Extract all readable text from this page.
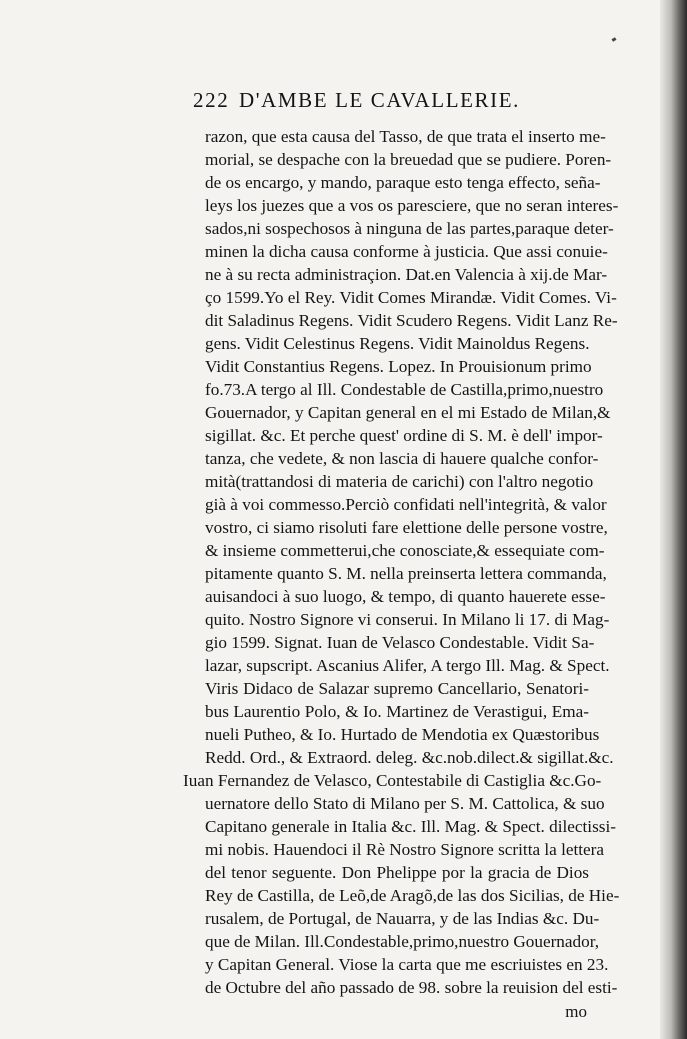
222 D'AMBE LE CAVALLERIE.
razon, que esta causa del Tasso, de que trata el inserto me-
morial, se despache con la breuedad que se pudiere. Poren-
de os encargo, y mando, paraque esto tenga effecto, seña-
leys los juezes que a vos os paresciere, que no seran interes-
sados,ni sospechosos à ninguna de las partes,paraque deter-
minen la dicha causa conforme à justicia. Que assi conuie-
ne à su recta administraçion. Dat.en Valencia à xij.de Mar-
ço 1599.Yo el Rey. Vidit Comes Mirandæ. Vidit Comes. Vi-
dit Saladinus Regens. Vidit Scudero Regens. Vidit Lanz Re-
gens. Vidit Celestinus Regens. Vidit Mainoldus Regens.
Vidit Constantius Regens. Lopez. In Prouisionum primo
fo.73.A tergo al Ill. Condestable de Castilla,primo,nuestro
Gouernador, y Capitan general en el mi Estado de Milan,&
sigillat. &c. Et perche quest' ordine di S. M. è dell' impor-
tanza, che vedete, & non lascia di hauere qualche confor-
mità(trattandosi di materia de carichi) con l'altro negotio
già à voi commesso.Perciò confidati nell'integrità, & valor
vostro, ci siamo risoluti fare elettione delle persone vostre,
& insieme commetterui,che conosciate,& essequiate com-
pitamente quanto S. M. nella preinserta lettera commanda,
auisandoci à suo luogo, & tempo, di quanto hauerete esse-
quito. Nostro Signore vi conserui. In Milano li 17. di Mag-
gio 1599. Signat. Iuan de Velasco Condestable. Vidit Sa-
lazar, supscript. Ascanius Alifer, A tergo Ill. Mag. & Spect.
Viris Didaco de Salazar supremo Cancellario, Senatori-
bus Laurentio Polo, & Io. Martinez de Verastigui, Ema-
nueli Putheo, & Io. Hurtado de Mendotia ex Quæstoribus
Redd. Ord., & Extraord. deleg. &c.nob.dilect.& sigillat.&c.
Iuan Fernandez de Velasco, Contestabile di Castiglia &c.Go-
uernatore dello Stato di Milano per S. M. Cattolica, & suo
Capitano generale in Italia &c. Ill. Mag. & Spect. dilectissi-
mi nobis. Hauendoci il Rè Nostro Signore scritta la lettera
del tenor seguente. Don Phelippe por la gracia de Dios
Rey de Castilla, de Leõ,de Aragõ,de las dos Sicilias, de Hie-
rusalem, de Portugal, de Nauarra, y de las Indias &c. Du-
que de Milan. Ill.Condestable,primo,nuestro Gouernador,
y Capitan General. Viose la carta que me escriuistes en 23.
de Octubre del año passado de 98. sobre la reuision del esti-
mo
